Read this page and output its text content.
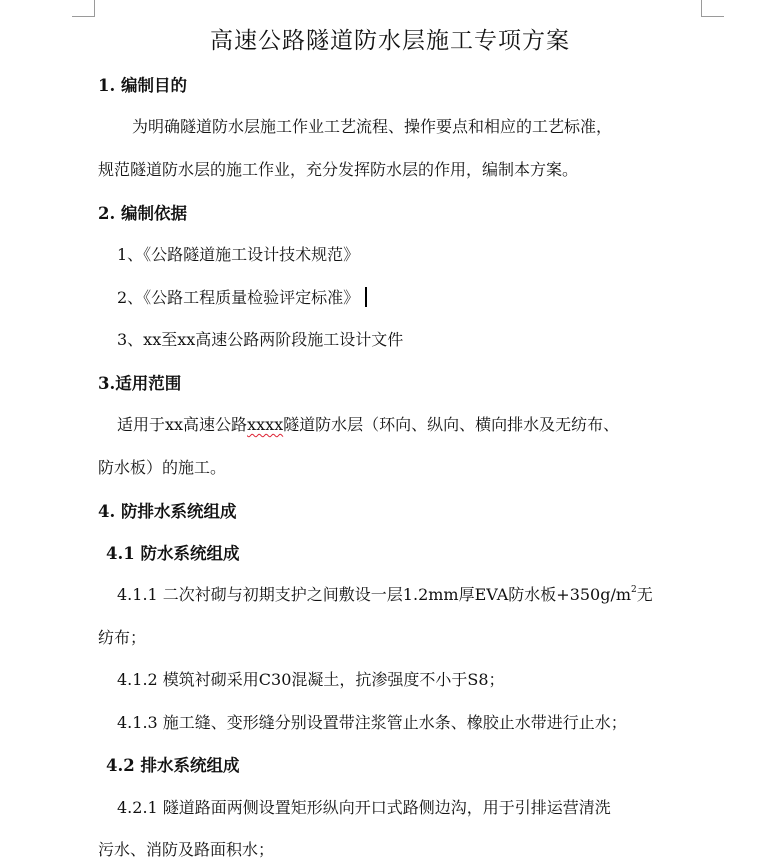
高速公路隧道防水层施工专项方案
1. 编制目的
为明确隧道防水层施工作业工艺流程、操作要点和相应的工艺标准，
规范隧道防水层的施工作业，充分发挥防水层的作用，编制本方案。
2. 编制依据
1、《公路隧道施工设计技术规范》
2、《公路工程质量检验评定标准》
3、xx至xx高速公路两阶段施工设计文件
3.适用范围
适用于xx高速公路xxxx隧道防水层（环向、纵向、横向排水及无纺布、
防水板）的施工。
4. 防排水系统组成
4.1 防水系统组成
4.1.1 二次衬砌与初期支护之间敷设一层1.2mm厚EVA防水板$+350g/m^2$无
纺布；
4.1.2 模筑衬砌采用C30混凝土，抗渗强度不小于S8；
4.1.3 施工缝、变形缝分别设置带注浆管止水条、橡胶止水带进行止水；
4.2 排水系统组成
4.2.1 隧道路面两侧设置矩形纵向开口式路侧边沟，用于引排运营清洗
污水、消防及路面积水；
